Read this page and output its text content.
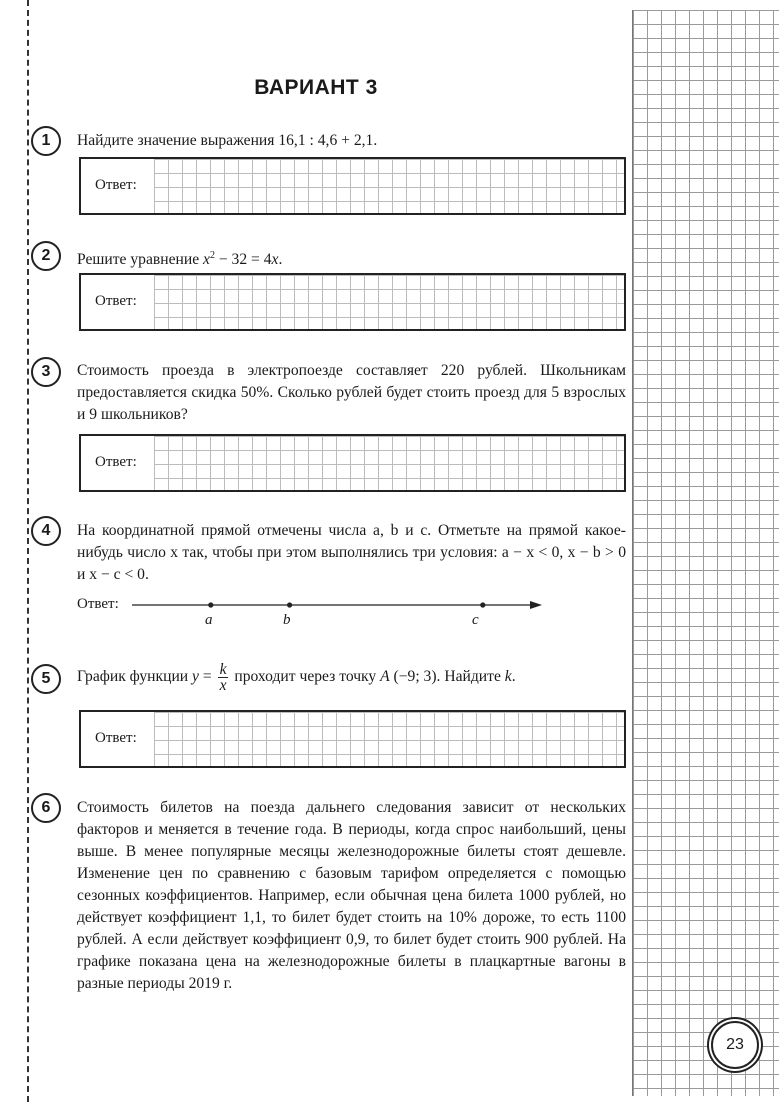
ВАРИАНТ 3
1	Найдите значение выражения 16,1 : 4,6 + 2,1.
Ответ:
2	Решите уравнение $x^2 - 32 = 4x$.
Ответ:
3	Стоимость проезда в электропоезде составляет 220 рублей. Школьникам предоставляется скидка 50%. Сколько рублей будет стоить проезд для 5 взрослых и 9 школьников?
Ответ:
4	На координатной прямой отмечены числа a, b и c. Отметьте на прямой какое-нибудь число x так, чтобы при этом выполнялись три условия: a − x < 0, x − b > 0 и x − c < 0.
Ответ:
a	b	c
5	График функции $y = \frac{k}{x}$ проходит через точку A (−9; 3). Найдите k.
Ответ:
6	Стоимость билетов на поезда дальнего следования зависит от нескольких факторов и меняется в течение года. В периоды, когда спрос наибольший, цены выше. В менее популярные месяцы железнодорожные билеты стоят дешевле. Изменение цен по сравнению с базовым тарифом определяется с помощью сезонных коэффициентов. Например, если обычная цена билета 1000 рублей, но действует коэффициент 1,1, то билет будет стоить на 10% дороже, то есть 1100 рублей. А если действует коэффициент 0,9, то билет будет стоить 900 рублей. На графике показана цена на железнодорожные билеты в плацкартные вагоны в разные периоды 2019 г.
23
